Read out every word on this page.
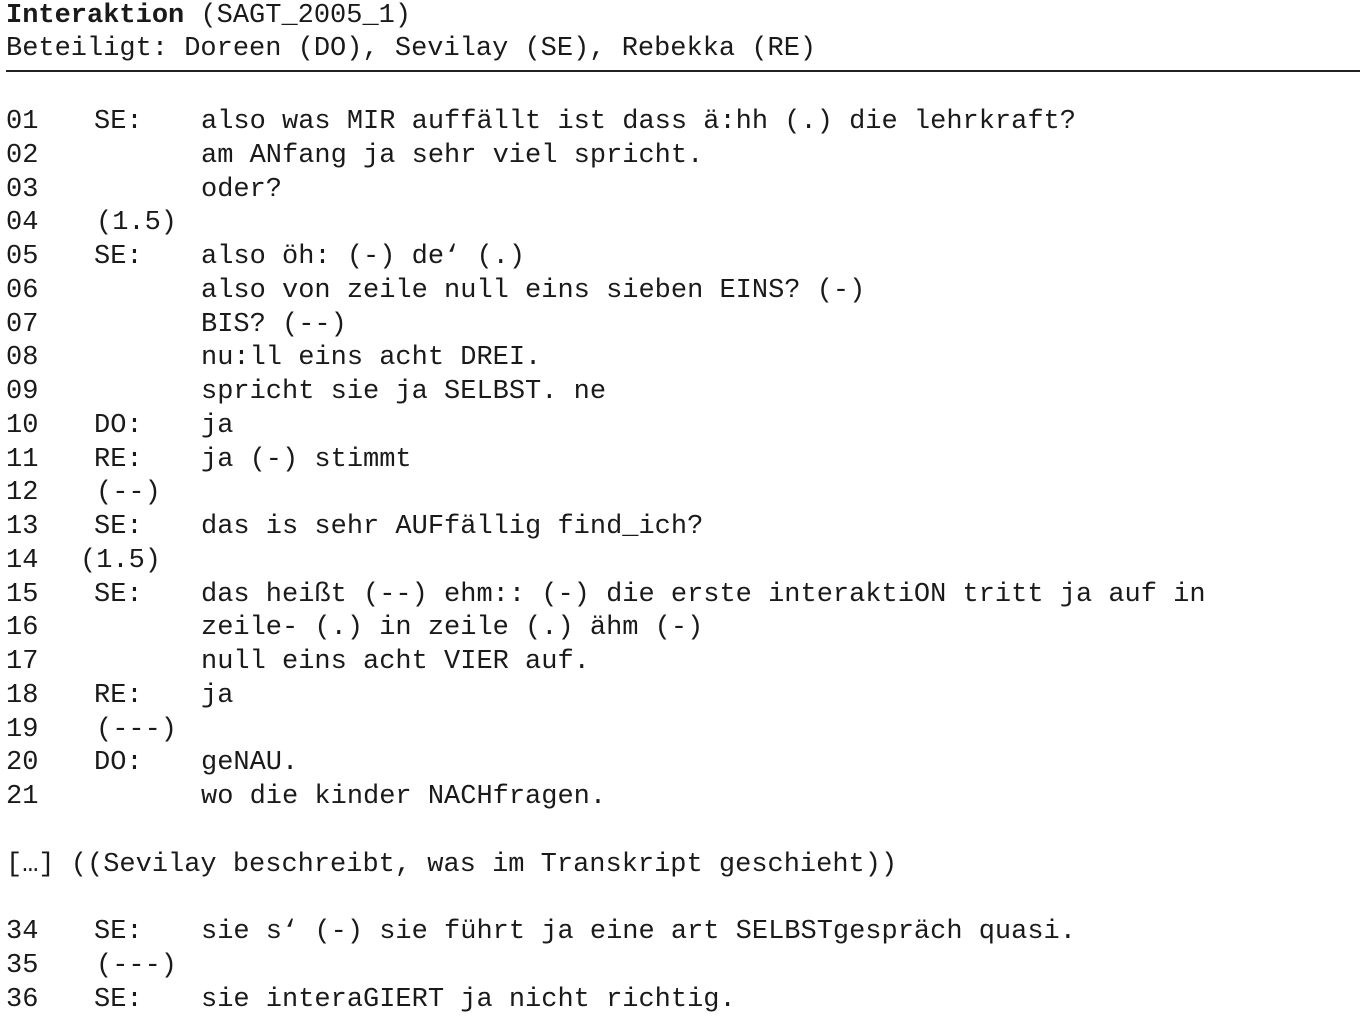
Interaktion (SAGT_2005_1)
Beteiligt: Doreen (DO), Sevilay (SE), Rebekka (RE)
01 SE: also was MIR auffällt ist dass ä:hh (.) die lehrkraft?
02	am ANfang ja sehr viel spricht.
03	oder?
04 (1.5)
05 SE: also öh: (-) de‘ (.)
06	also von zeile null eins sieben EINS? (-)
07	BIS? (--)
08	nu:ll eins acht DREI.
09	spricht sie ja SELBST. ne
10 DO: ja
11 RE: ja (-) stimmt
12 (--)
13 SE: das is sehr AUFfällig find_ich?
14 (1.5)
15 SE: das heißt (--) ehm:: (-) die erste interaktiON tritt ja auf in
16	zeile- (.) in zeile (.) ähm (-)
17	null eins acht VIER auf.
18 RE: ja
19 (---)
20 DO: geNAU.
21	wo die kinder NACHfragen.

[…] ((Sevilay beschreibt, was im Transkript geschieht))

34 SE: sie s‘ (-) sie führt ja eine art SELBSTgespräch quasi.
35 (---)
36 SE: sie interaGIERT ja nicht richtig.
